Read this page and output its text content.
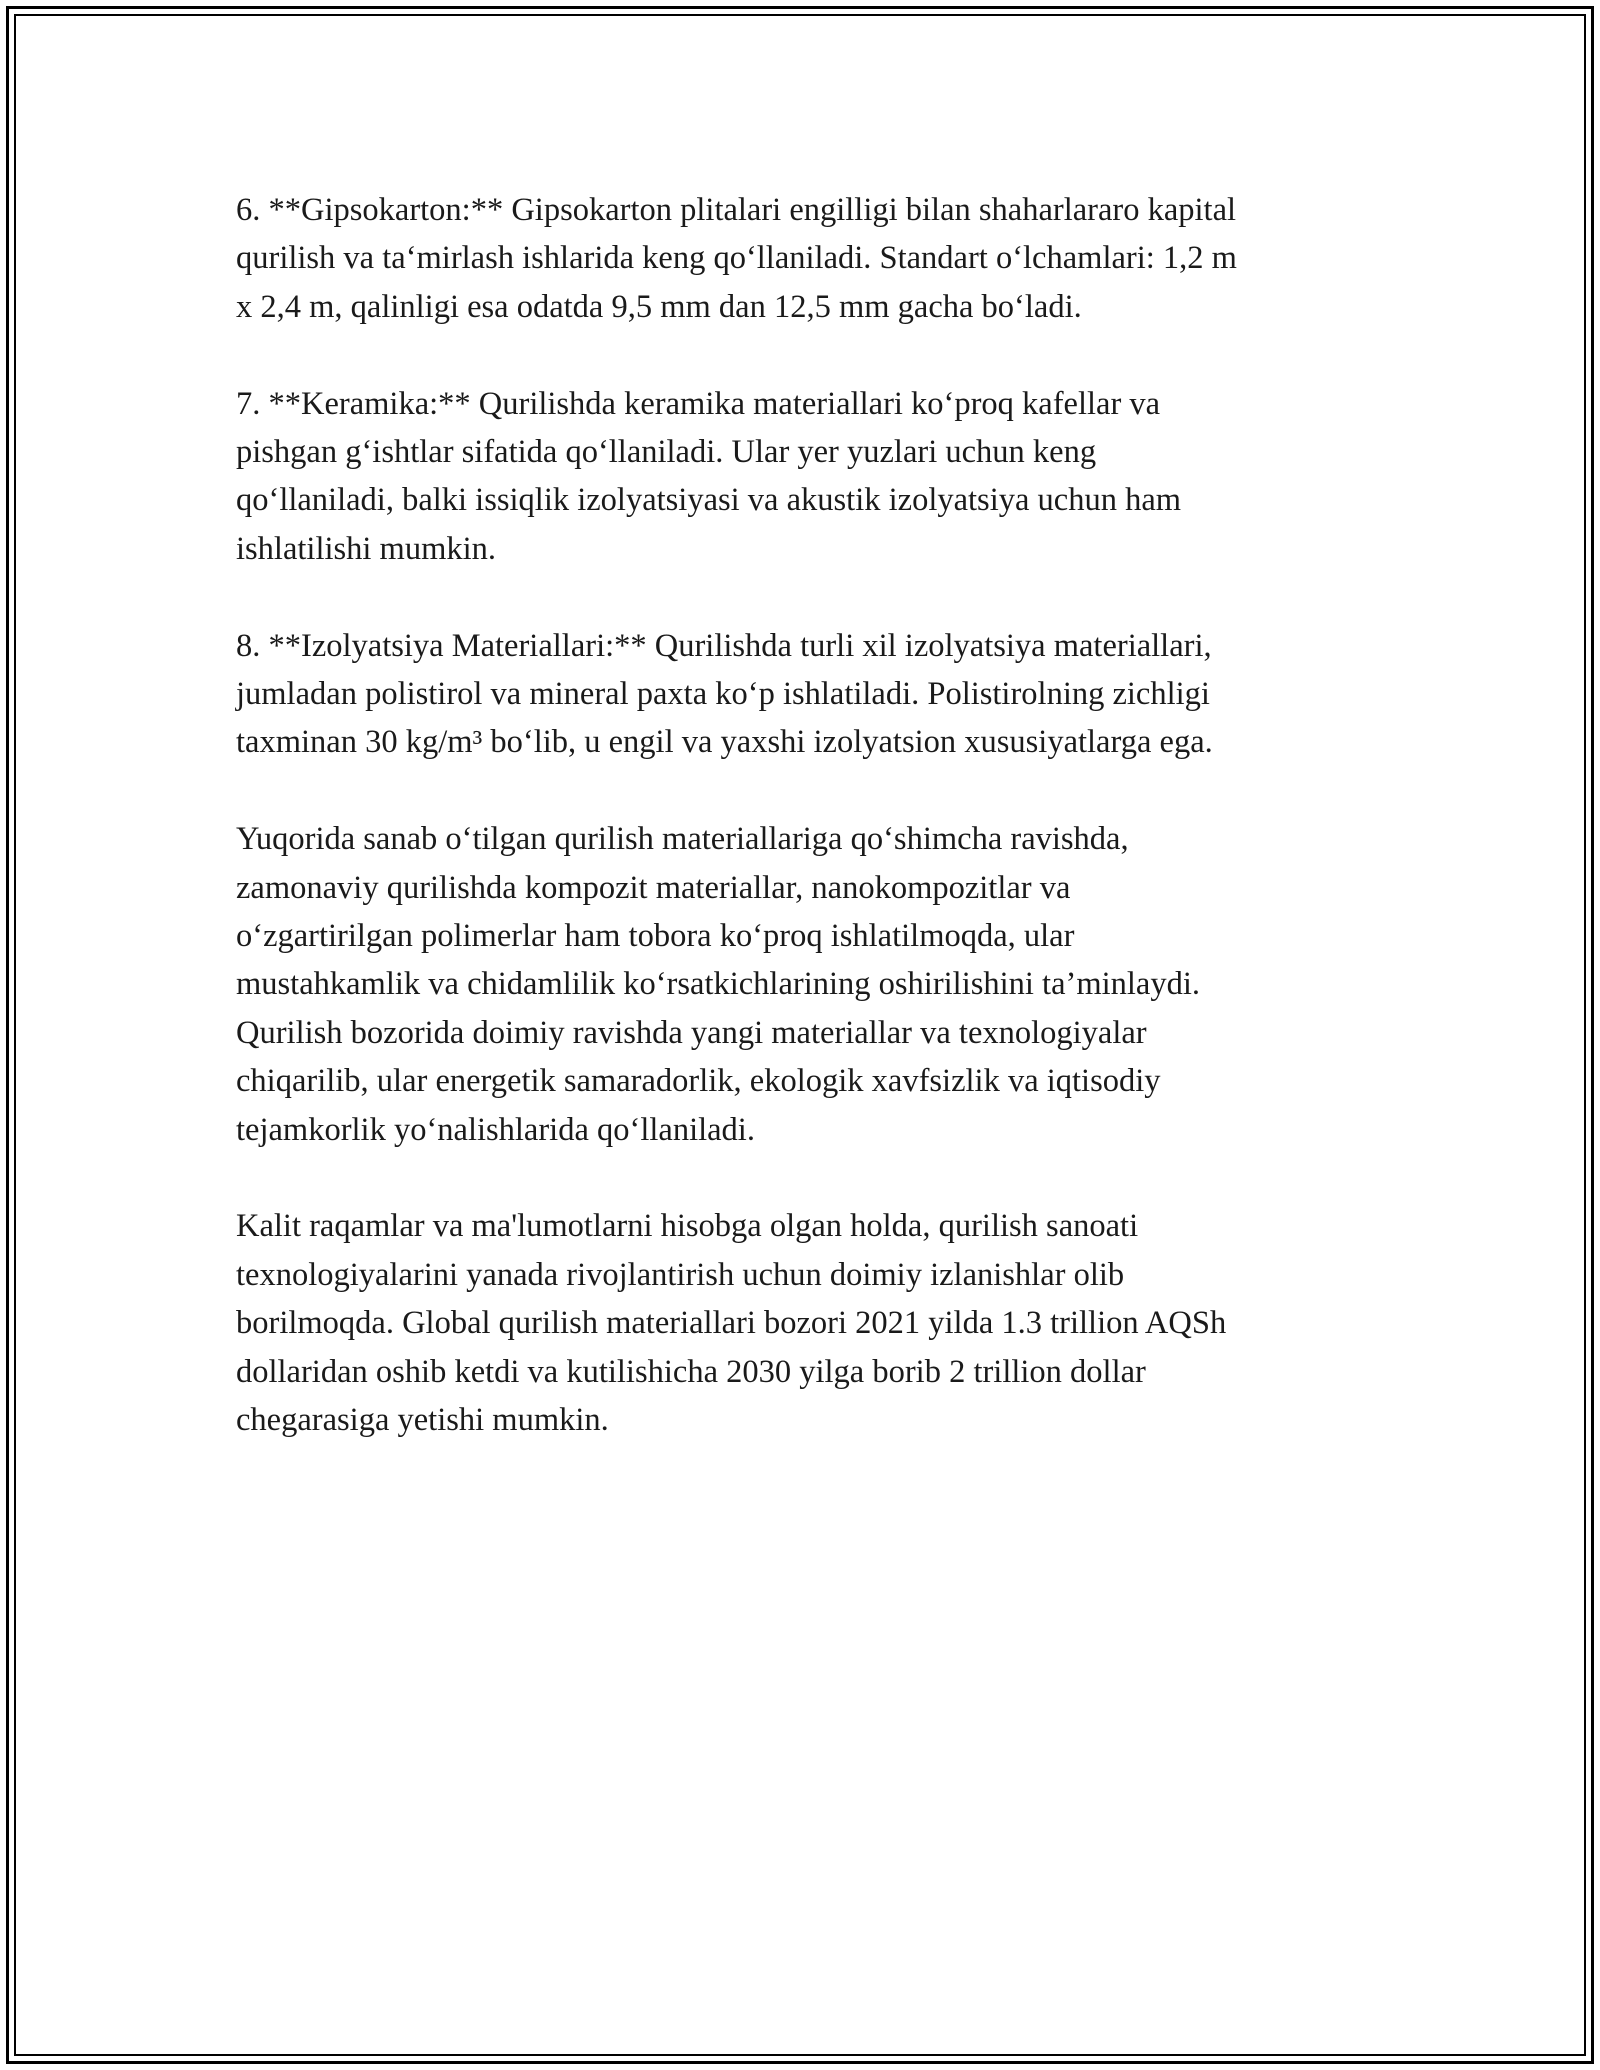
6. **Gipsokarton:** Gipsokarton plitalari engilligi bilan shaharlararo kapital
qurilish va ta‘mirlash ishlarida keng qo‘llaniladi. Standart o‘lchamlari: 1,2 m
x 2,4 m, qalinligi esa odatda 9,5 mm dan 12,5 mm gacha bo‘ladi.

7. **Keramika:** Qurilishda keramika materiallari ko‘proq kafellar va
pishgan g‘ishtlar sifatida qo‘llaniladi. Ular yer yuzlari uchun keng
qo‘llaniladi, balki issiqlik izolyatsiyasi va akustik izolyatsiya uchun ham
ishlatilishi mumkin.

8. **Izolyatsiya Materiallari:** Qurilishda turli xil izolyatsiya materiallari,
jumladan polistirol va mineral paxta ko‘p ishlatiladi. Polistirolning zichligi
taxminan 30 kg/m³ bo‘lib, u engil va yaxshi izolyatsion xususiyatlarga ega.

Yuqorida sanab o‘tilgan qurilish materiallariga qo‘shimcha ravishda,
zamonaviy qurilishda kompozit materiallar, nanokompozitlar va
o‘zgartirilgan polimerlar ham tobora ko‘proq ishlatilmoqda, ular
mustahkamlik va chidamlilik ko‘rsatkichlarining oshirilishini ta’minlaydi.
Qurilish bozorida doimiy ravishda yangi materiallar va texnologiyalar
chiqarilib, ular energetik samaradorlik, ekologik xavfsizlik va iqtisodiy
tejamkorlik yo‘nalishlarida qo‘llaniladi.

Kalit raqamlar va ma'lumotlarni hisobga olgan holda, qurilish sanoati
texnologiyalarini yanada rivojlantirish uchun doimiy izlanishlar olib
borilmoqda. Global qurilish materiallari bozori 2021 yilda 1.3 trillion AQSh
dollaridan oshib ketdi va kutilishicha 2030 yilga borib 2 trillion dollar
chegarasiga yetishi mumkin.
